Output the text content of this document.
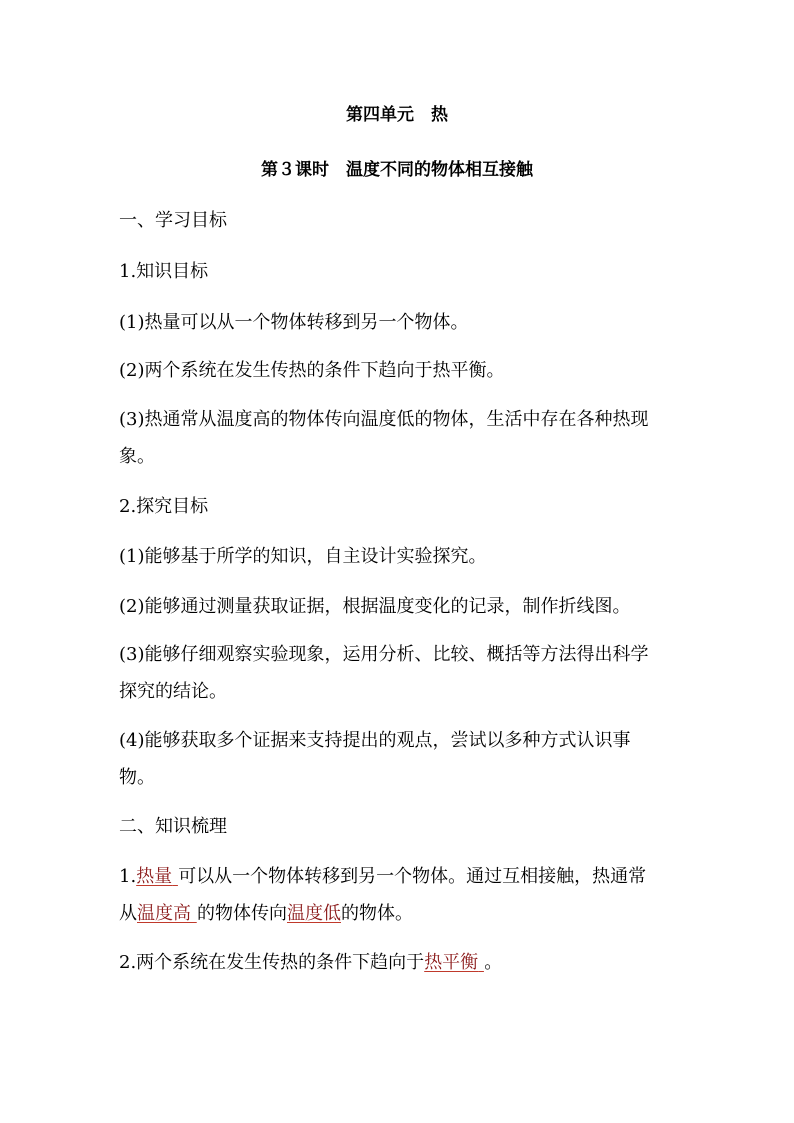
第四单元　热
第３课时　温度不同的物体相互接触
一、学习目标
1.知识目标
(1)热量可以从一个物体转移到另一个物体。
(2)两个系统在发生传热的条件下趋向于热平衡。
(3)热通常从温度高的物体传向温度低的物体，生活中存在各种热现
象。
2.探究目标
(1)能够基于所学的知识，自主设计实验探究。
(2)能够通过测量获取证据，根据温度变化的记录，制作折线图。
(3)能够仔细观察实验现象，运用分析、比较、概括等方法得出科学
探究的结论。
(4)能够获取多个证据来支持提出的观点，尝试以多种方式认识事
物。
二、知识梳理
1.热量 可以从一个物体转移到另一个物体。通过互相接触，热通常
从温度高 的物体传向温度低的物体。
2.两个系统在发生传热的条件下趋向于热平衡 。
